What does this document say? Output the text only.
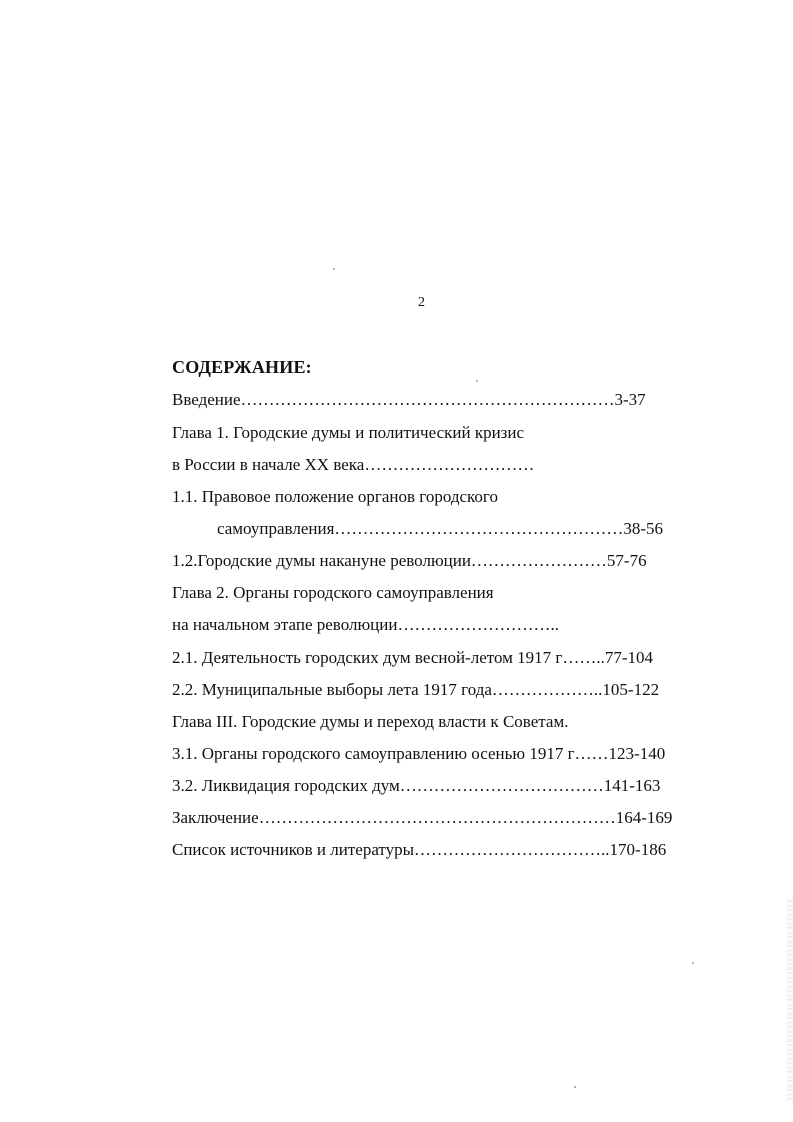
2
СОДЕРЖАНИЕ:
Введение…………………………………………………………3-37
Глава 1. Городские думы и политический кризис
в России в начале XX века…………………………
1.1. Правовое положение органов городского
самоуправления……………………………………………38-56
1.2.Городские думы накануне революции……………………57-76
Глава 2. Органы городского самоуправления
на начальном этапе революции………………………..
2.1. Деятельность городских дум весной-летом 1917 г……..77-104
2.2. Муниципальные выборы лета 1917 года………………..105-122
Глава III. Городские думы и переход власти к Советам.
3.1. Органы городского самоуправлению осенью 1917 г……123-140
3.2. Ликвидация городских дум………………………………141-163
Заключение………………………………………………………164-169
Список источников и литературы……………………………..170-186
